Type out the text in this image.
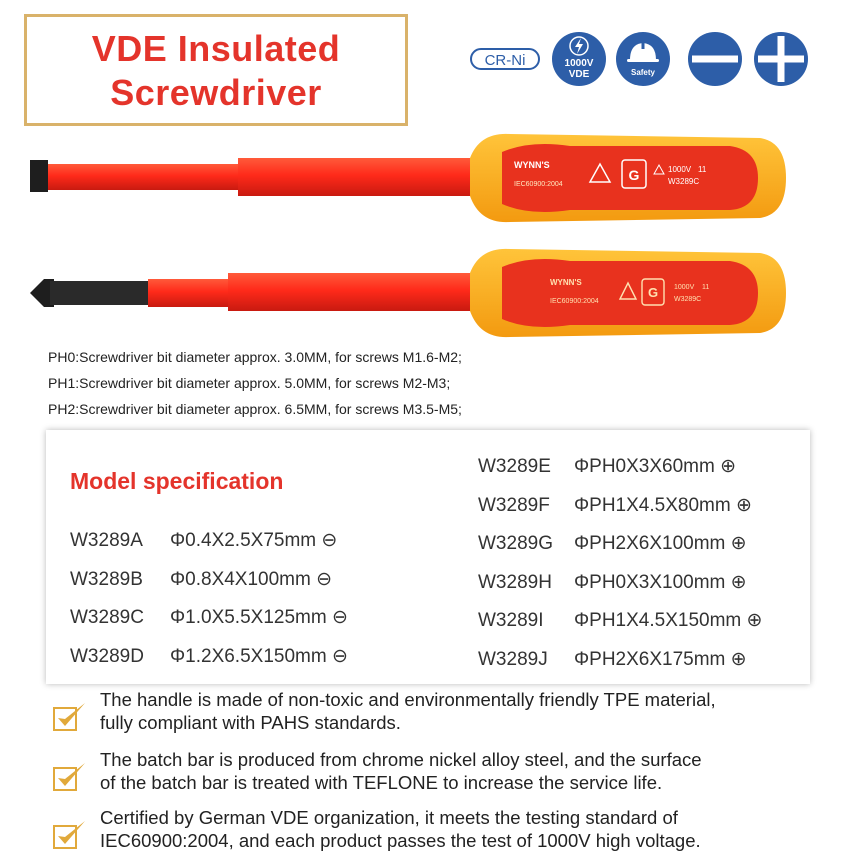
VDE Insulated
Screwdriver
CR-Ni	1000V
VDE	Safety
WYNN'S
IEC60900:2004
G	1000V 11
W3289C
WYNN'S
IEC60900:2004
G 1000V 11
W3289C
PH0:Screwdriver bit diameter approx. 3.0MM, for screws M1.6-M2;
PH1:Screwdriver bit diameter approx. 5.0MM, for screws M2-M3;
PH2:Screwdriver bit diameter approx. 6.5MM, for screws M3.5-M5;
Model specification
W3289A Φ0.4X2.5X75mm ⊖
W3289B Φ0.8X4X100mm ⊖
W3289C Φ1.0X5.5X125mm ⊖
W3289D Φ1.2X6.5X150mm ⊖
W3289E ΦPH0X3X60mm ⊕
W3289F ΦPH1X4.5X80mm ⊕
W3289G ΦPH2X6X100mm ⊕
W3289H ΦPH0X3X100mm ⊕
W3289I ΦPH1X4.5X150mm ⊕
W3289J ΦPH2X6X175mm ⊕
The handle is made of non-toxic and environmentally friendly TPE material,
fully compliant with PAHS standards.
The batch bar is produced from chrome nickel alloy steel, and the surface
of the batch bar is treated with TEFLONE to increase the service life.
Certified by German VDE organization, it meets the testing standard of
IEC60900:2004, and each product passes the test of 1000V high voltage.
